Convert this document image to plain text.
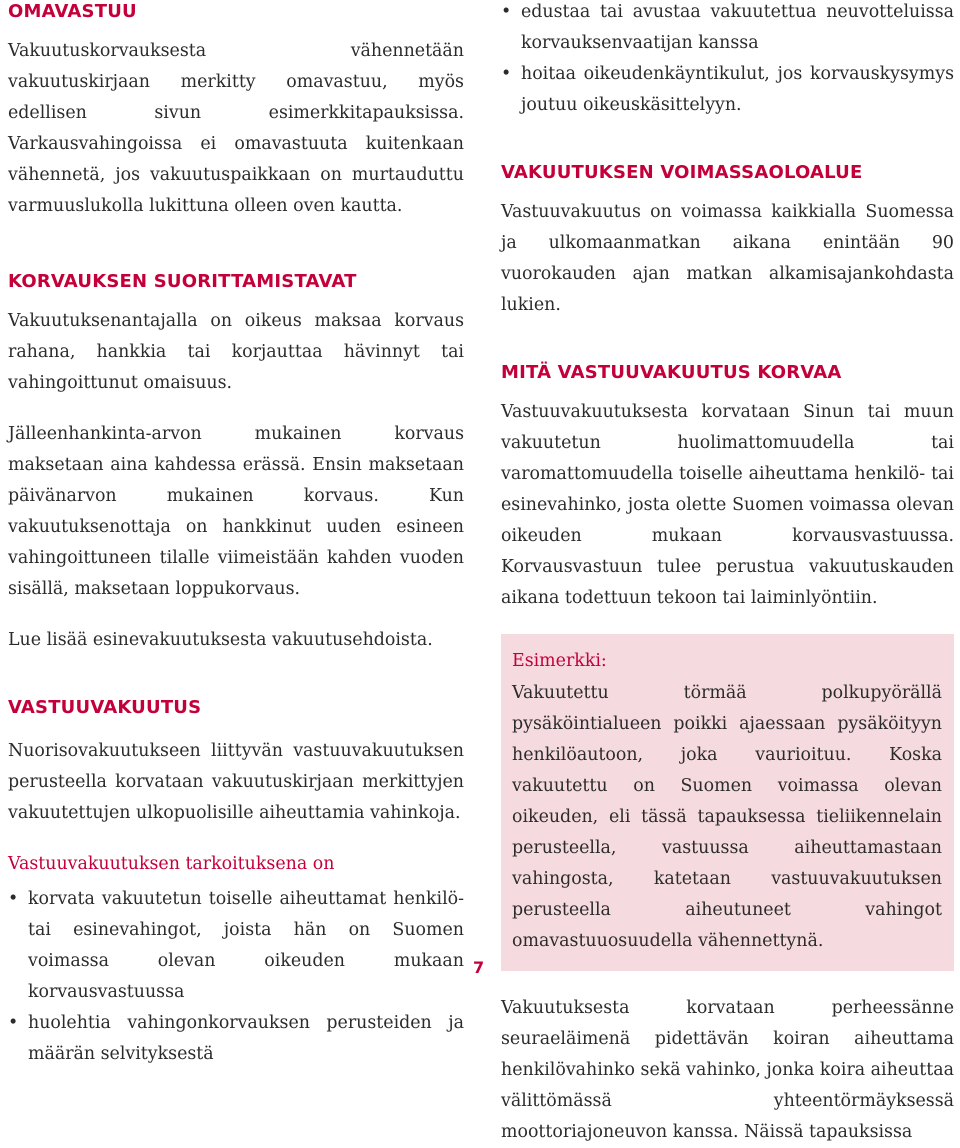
OMAVASTUU

Vakuutuskorvauksesta vähennetään vakuutuskirjaan merkitty omavastuu, myös edellisen sivun esimerkkitapauksissa. Varkausvahingoissa ei omavastuuta kuitenkaan vähennetä, jos vakuutuspaikkaan on murtauduttu varmuuslukolla lukittuna olleen oven kautta.

KORVAUKSEN SUORITTAMISTAVAT

Vakuutuksenantajalla on oikeus maksaa korvaus rahana, hankkia tai korjauttaa hävinnyt tai vahingoittunut omaisuus.

Jälleenhankinta-arvon mukainen korvaus maksetaan aina kahdessa erässä. Ensin maksetaan päivänarvon mukainen korvaus. Kun vakuutuksenottaja on hankkinut uuden esineen vahingoittuneen tilalle viimeistään kahden vuoden sisällä, maksetaan loppukorvaus.

Lue lisää esinevakuutuksesta vakuutusehdoista.

VASTUUVAKUUTUS

Nuorisovakuutukseen liittyvän vastuuvakuutuksen perusteella korvataan vakuutuskirjaan merkittyjen vakuutettujen ulkopuolisille aiheuttamia vahinkoja.

Vastuuvakuutuksen tarkoituksena on

• korvata vakuutetun toiselle aiheuttamat henkilö- tai esinevahingot, joista hän on Suomen voimassa olevan oikeuden mukaan korvausvastuussa
• huolehtia vahingonkorvauksen perusteiden ja määrän selvityksestä
• edustaa tai avustaa vakuutettua neuvotteluissa korvauksenvaatijan kanssa
• hoitaa oikeudenkäyntikulut, jos korvauskysymys joutuu oikeuskäsittelyyn.
VAKUUTUKSEN VOIMASSAOLOALUE

Vastuuvakuutus on voimassa kaikkialla Suomessa ja ulkomaanmatkan aikana enintään 90 vuorokauden ajan matkan alkamisajankohdasta lukien.

MITÄ VASTUUVAKUUTUS KORVAA

Vastuuvakuutuksesta korvataan Sinun tai muun vakuutetun huolimattomuudella tai varomattomuudella toiselle aiheuttama henkilö- tai esinevahinko, josta olette Suomen voimassa olevan oikeuden mukaan korvausvastuussa. Korvausvastuun tulee perustua vakuutuskauden aikana todettuun tekoon tai laiminlyöntiin.

Esimerkki:

Vakuutettu törmää polkupyörällä pysäköintialueen poikki ajaessaan pysäköityyn henkilöautoon, joka vaurioituu. Koska vakuutettu on Suomen voimassa olevan oikeuden, eli tässä tapauksessa tieliikennelain perusteella, vastuussa aiheuttamastaan vahingosta, katetaan vastuuvakuutuksen perusteella aiheutuneet vahingot omavastuuosuudella vähennettynä.

Vakuutuksesta korvataan perheessänne seuraeläimenä pidettävän koiran aiheuttama henkilövahinko sekä vahinko, jonka koira aiheuttaa välittömässä yhteentörmäyksessä moottoriajoneuvon kanssa. Näissä tapauksissa

7
